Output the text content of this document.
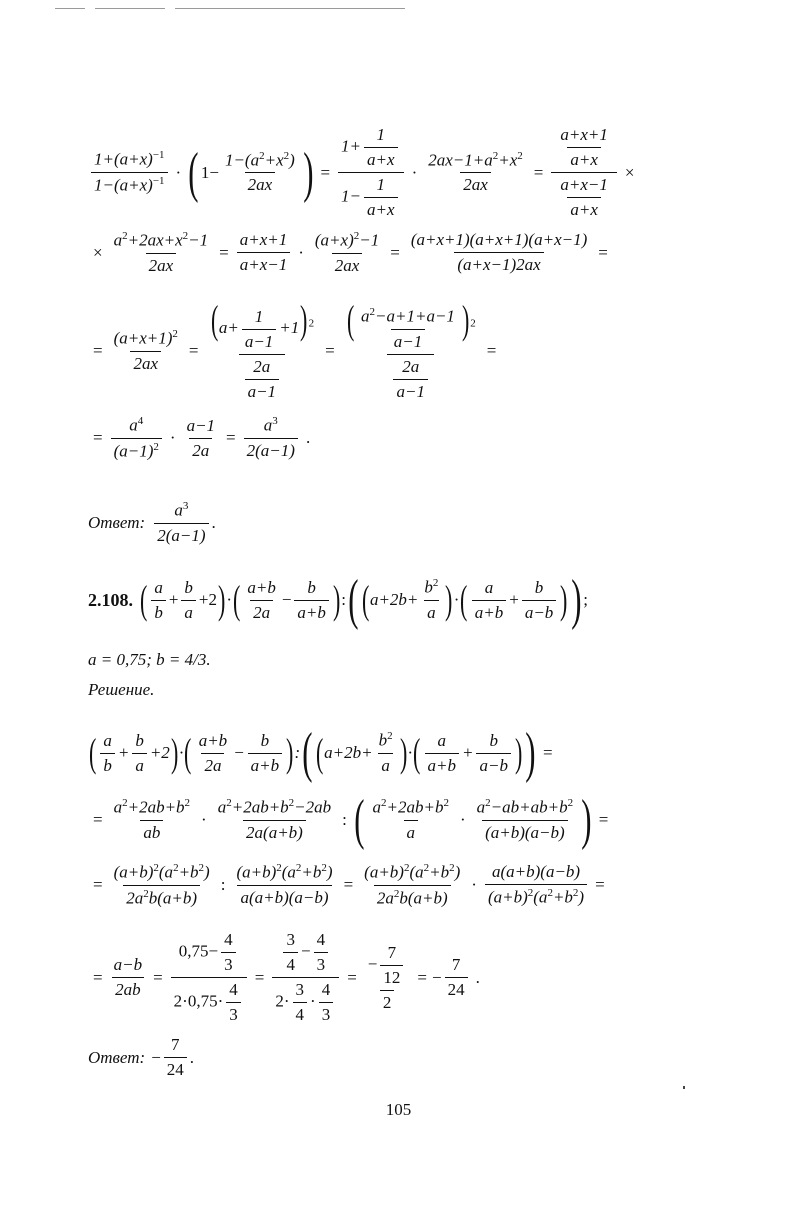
$\frac{1+(a+x)^{-1}}{1-(a+x)^{-1}}$ · ( $1- \frac{1-(a^2+x^2)}{2ax}$ ) = $\frac{1+ \frac{1}{a+x}}{1- \frac{1}{a+x}} \cdot \frac{2ax-1+a^2+x^2}{2ax} = \frac{\frac{a+x+1}{a+x}}{\frac{a+x-1}{a+x}}$ ×
× $\frac{a^2+2ax+x^2-1}{2ax} = \frac{a+x+1}{a+x-1} \cdot \frac{(a+x)^2-1}{2ax} = \frac{(a+x+1)(a+x+1)(a+x-1)}{(a+x-1)2ax}$ =
= $\frac{(a+x+1)^2}{2ax} = \frac{(a+ \frac{1}{a-1} +1)^2}{\frac{2a}{a-1}} = \frac{( \frac{a^2-a+1+a-1}{a-1} )^2}{\frac{2a}{a-1}}$ =
= $\frac{a^4}{(a-1)^2} \cdot \frac{a-1}{2a} = \frac{a^3}{2(a-1)}$ .
Ответ: $\frac{a^3}{2(a-1)}$ .
2.108. ( $\frac{a}{b} + \frac{b}{a} +2$ ) · ( $\frac{a+b}{2a} - \frac{b}{a+b}$ ) : ( ( $a+2b+ \frac{b^2}{a}$ ) · ( $\frac{a}{a+b} + \frac{b}{a-b}$ ) ) ;
a = 0,75; b = 4/3.
Решение.
( $\frac{a}{b} + \frac{b}{a} +2$ ) · ( $\frac{a+b}{2a} - \frac{b}{a+b}$ ) : ( ( $a+2b+ \frac{b^2}{a}$ ) · ( $\frac{a}{a+b} + \frac{b}{a-b}$ ) ) =
= $\frac{a^2+2ab+b^2}{ab} \cdot \frac{a^2+2ab+b^2-2ab}{2a(a+b)}$ : ( $\frac{a^2+2ab+b^2}{a} \cdot \frac{a^2-ab+ab+b^2}{(a+b)(a-b)}$ ) =
= $\frac{(a+b)^2(a^2+b^2)}{2a^2b(a+b)}$ : $\frac{(a+b)^2(a^2+b^2)}{a(a+b)(a-b)} = \frac{(a+b)^2(a^2+b^2)}{2a^2b(a+b)} \cdot \frac{a(a+b)(a-b)}{(a+b)^2(a^2+b^2)}$ =
= $\frac{a-b}{2ab} = \frac{0,75- \frac{4}{3}}{2\cdot 0,75\cdot \frac{4}{3}} = \frac{\frac{3}{4} - \frac{4}{3}}{2\cdot \frac{3}{4} \cdot \frac{4}{3}} = \frac{- \frac{7}{12}}{2}$ = − $\frac{7}{24}$ .
Ответ: − $\frac{7}{24}$ .
105
